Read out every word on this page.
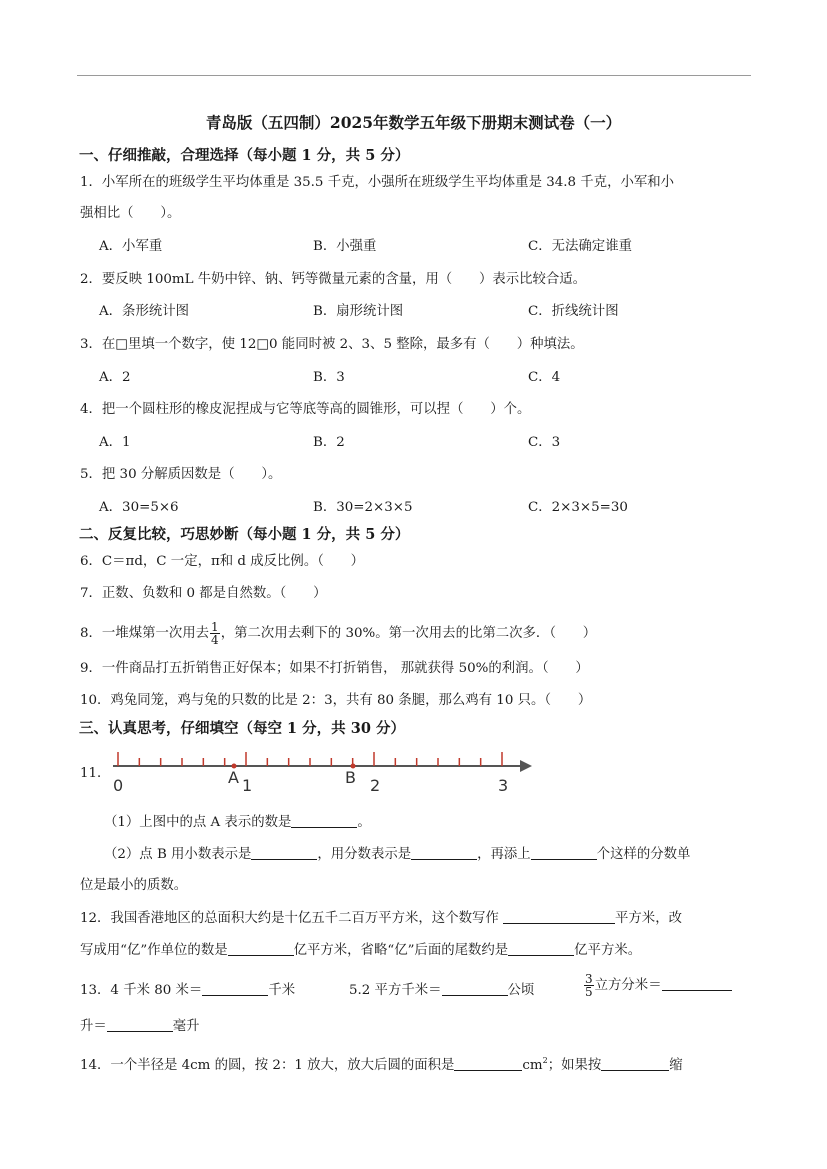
青岛版（五四制）2025年数学五年级下册期末测试卷（一）
一、仔细推敲，合理选择（每小题 1 分，共 5 分）
1．小军所在的班级学生平均体重是 35.5 千克，小强所在班级学生平均体重是 34.8 千克，小军和小
强相比（　　）。
A．小军重	B．小强重	C．无法确定谁重
2．要反映 100mL 牛奶中锌、钠、钙等微量元素的含量，用（　　）表示比较合适。
A．条形统计图	B．扇形统计图	C．折线统计图
3．在□里填一个数字，使 12□0 能同时被 2、3、5 整除，最多有（　　）种填法。
A．2	B．3	C．4
4．把一个圆柱形的橡皮泥捏成与它等底等高的圆锥形，可以捏（　　）个。
A．1	B．2	C．3
5．把 30 分解质因数是（　　）。
A．30=5×6	B．30=2×3×5	C．2×3×5=30
二、反复比较，巧思妙断（每小题 1 分，共 5 分）
6．C＝πd，C 一定，π和 d 成反比例。（　　）
7．正数、负数和 0 都是自然数。（　　）
8．一堆煤第一次用去 $\frac{1}{4}$ ，第二次用去剩下的 30%。第一次用去的比第二次多．（　　）
9．一件商品打五折销售正好保本；如果不打折销售， 那就获得 50%的利润。（　　）
10．鸡兔同笼，鸡与兔的只数的比是 2：3，共有 80 条腿，那么鸡有 10 只。（　　）
三、认真思考，仔细填空（每空 1 分，共 30 分）
11．
0	A 1	B 2	3
（1）上图中的点 A 表示的数是	。
（2）点 B 用小数表示是	，用分数表示是	，再添上	个这样的分数单
位是最小的质数。
12．我国香港地区的总面积大约是十亿五千二百万平方米，这个数写作	平方米，改
写成用“亿”作单位的数是	亿平方米，省略“亿”后面的尾数约是	亿平方米。
13．4 千米 80 米＝	千米	5.2 平方千米＝	公顷	$\frac{3}{5}$ 立方分米＝
升＝	毫升
14．一个半径是 4cm 的圆，按 2：1 放大，放大后圆的面积是	$cm^2$；如果按	缩
